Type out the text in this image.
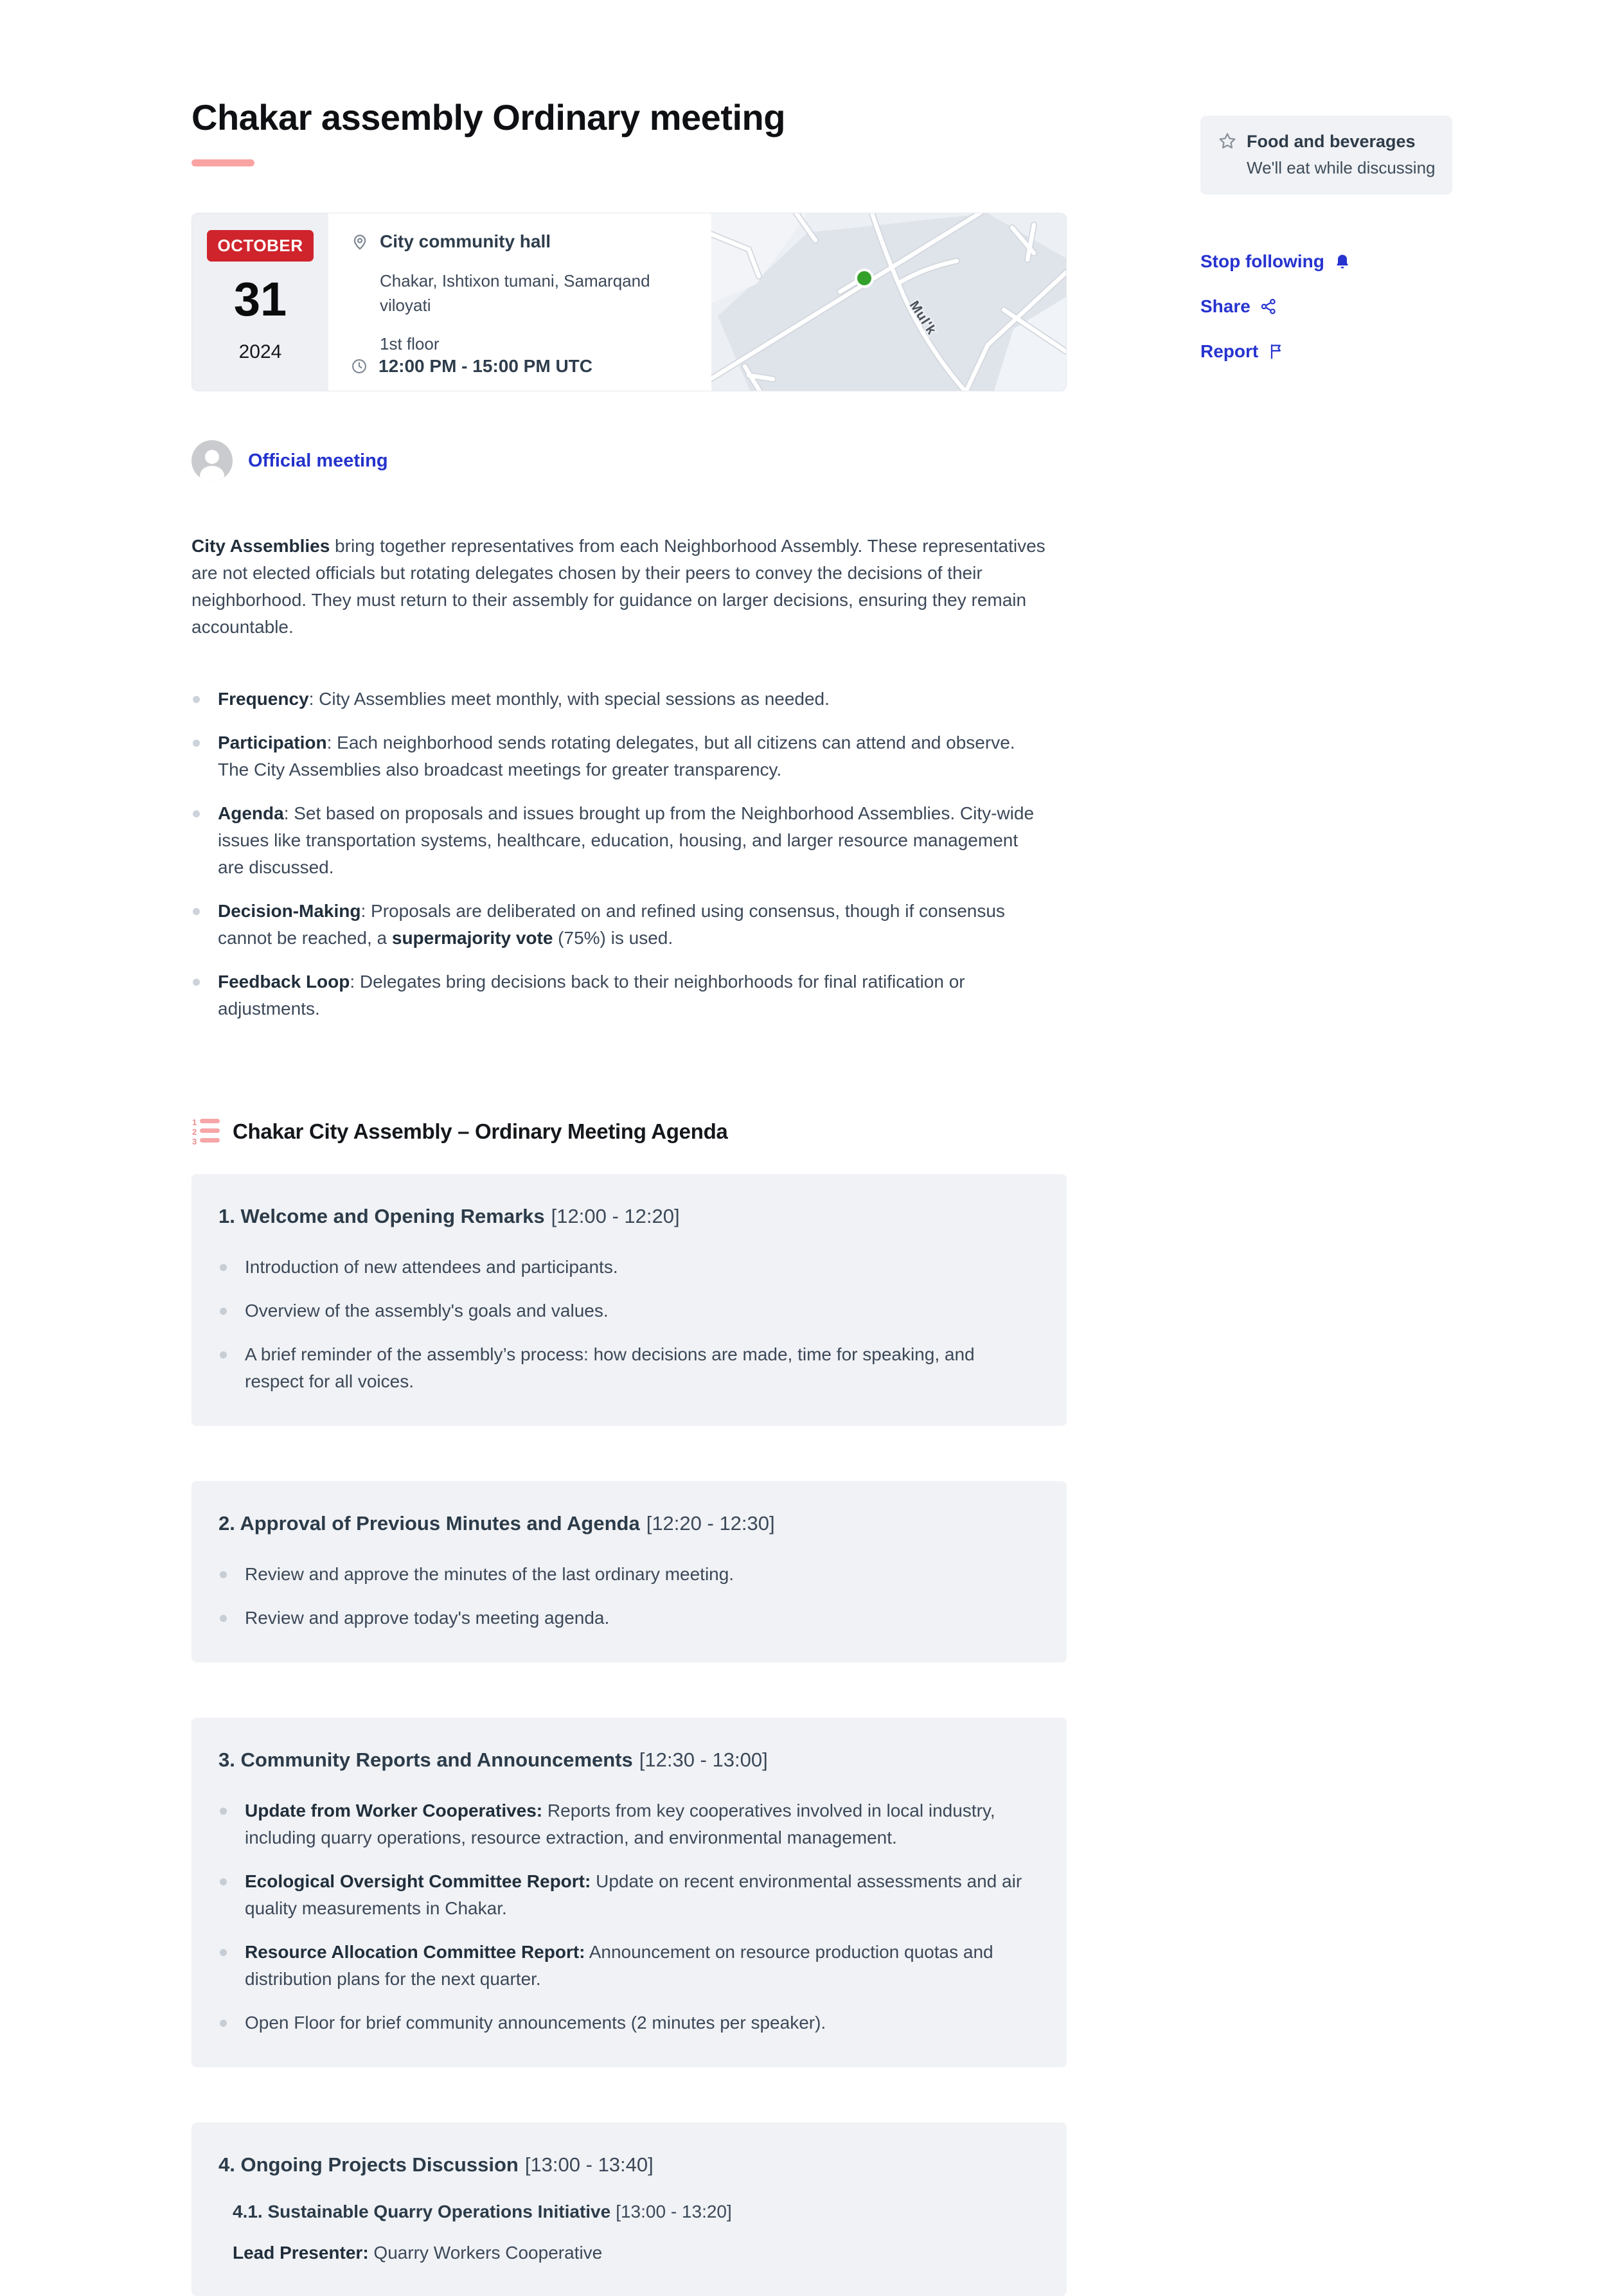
Chakar assembly Ordinary meeting
OCTOBER
31
2024
City community hall
Chakar, Ishtixon tumani, Samarqand viloyati
1st floor
12:00 PM - 15:00 PM UTC
Mul'k
Official meeting

City Assemblies bring together representatives from each Neighborhood Assembly. These representatives are not elected officials but rotating delegates chosen by their peers to convey the decisions of their neighborhood. They must return to their assembly for guidance on larger decisions, ensuring they remain accountable.

Frequency: City Assemblies meet monthly, with special sessions as needed.

Participation: Each neighborhood sends rotating delegates, but all citizens can attend and observe. The City Assemblies also broadcast meetings for greater transparency.

Agenda: Set based on proposals and issues brought up from the Neighborhood Assemblies. City-wide issues like transportation systems, healthcare, education, housing, and larger resource management are discussed.

Decision-Making: Proposals are deliberated on and refined using consensus, though if consensus cannot be reached, a supermajority vote (75%) is used.

Feedback Loop: Delegates bring decisions back to their neighborhoods for final ratification or adjustments.

1
2
3 Chakar City Assembly – Ordinary Meeting Agenda
1. Welcome and Opening Remarks [12:00 - 12:20]

Introduction of new attendees and participants.

Overview of the assembly's goals and values.

A brief reminder of the assembly’s process: how decisions are made, time for speaking, and respect for all voices.

2. Approval of Previous Minutes and Agenda [12:20 - 12:30]

Review and approve the minutes of the last ordinary meeting.

Review and approve today's meeting agenda.

3. Community Reports and Announcements [12:30 - 13:00]

Update from Worker Cooperatives: Reports from key cooperatives involved in local industry, including quarry operations, resource extraction, and environmental management.

Ecological Oversight Committee Report: Update on recent environmental assessments and air quality measurements in Chakar.

Resource Allocation Committee Report: Announcement on resource production quotas and distribution plans for the next quarter.

Open Floor for brief community announcements (2 minutes per speaker).

4. Ongoing Projects Discussion [13:00 - 13:40]
4.1. Sustainable Quarry Operations Initiative [13:00 - 13:20]
Lead Presenter: Quarry Workers Cooperative
Food and beverages
We'll eat while discussing
Stop following
Share
Report
